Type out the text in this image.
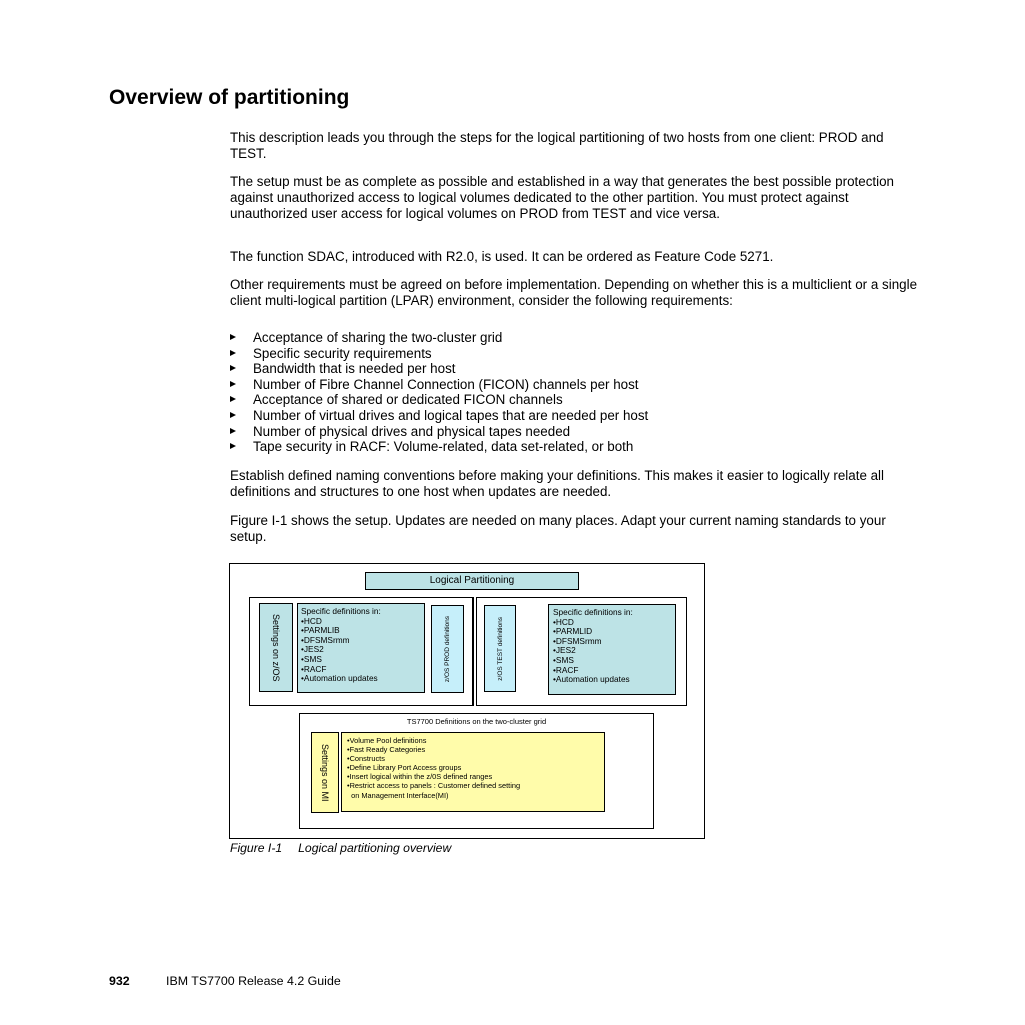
Overview of partitioning

This description leads you through the steps for the logical partitioning of two hosts from one client: PROD and TEST.

The setup must be as complete as possible and established in a way that generates the best possible protection against unauthorized access to logical volumes dedicated to the other partition. You must protect against unauthorized user access for logical volumes on PROD from TEST and vice versa.

The function SDAC, introduced with R2.0, is used. It can be ordered as Feature Code 5271.

Other requirements must be agreed on before implementation. Depending on whether this is a multiclient or a single client multi-logical partition (LPAR) environment, consider the following requirements:

Acceptance of sharing the two-cluster grid
Specific security requirements
Bandwidth that is needed per host
Number of Fibre Channel Connection (FICON) channels per host
Acceptance of shared or dedicated FICON channels
Number of virtual drives and logical tapes that are needed per host
Number of physical drives and physical tapes needed
Tape security in RACF: Volume-related, data set-related, or both

Establish defined naming conventions before making your definitions. This makes it easier to logically relate all definitions and structures to one host when updates are needed.

Figure I-1 shows the setup. Updates are needed on many places. Adapt your current naming standards to your setup.

Logical Partitioning
Settings on z/OS
Specific definitions in:
•HCD
•PARMLIB
•DFSMSrmm
•JES2
•SMS
•RACF
•Automation updates	z/OS PROD definitions	z/OS TEST definitions
Specific definitions in:
•HCD
•PARMLID
•DFSMSrmm
•JES2
•SMS
•RACF
•Automation updates
TS7700 Definitions on the two-cluster grid
Settings on MI
•Volume Pool definitions
•Fast Ready Categories
•Constructs
•Define Library Port Access groups
•Insert logical within the z/0S defined ranges
•Restrict access to panels : Customer defined setting
on Management Interface(MI)

Figure I-1 Logical partitioning overview

932	IBM TS7700 Release 4.2 Guide
